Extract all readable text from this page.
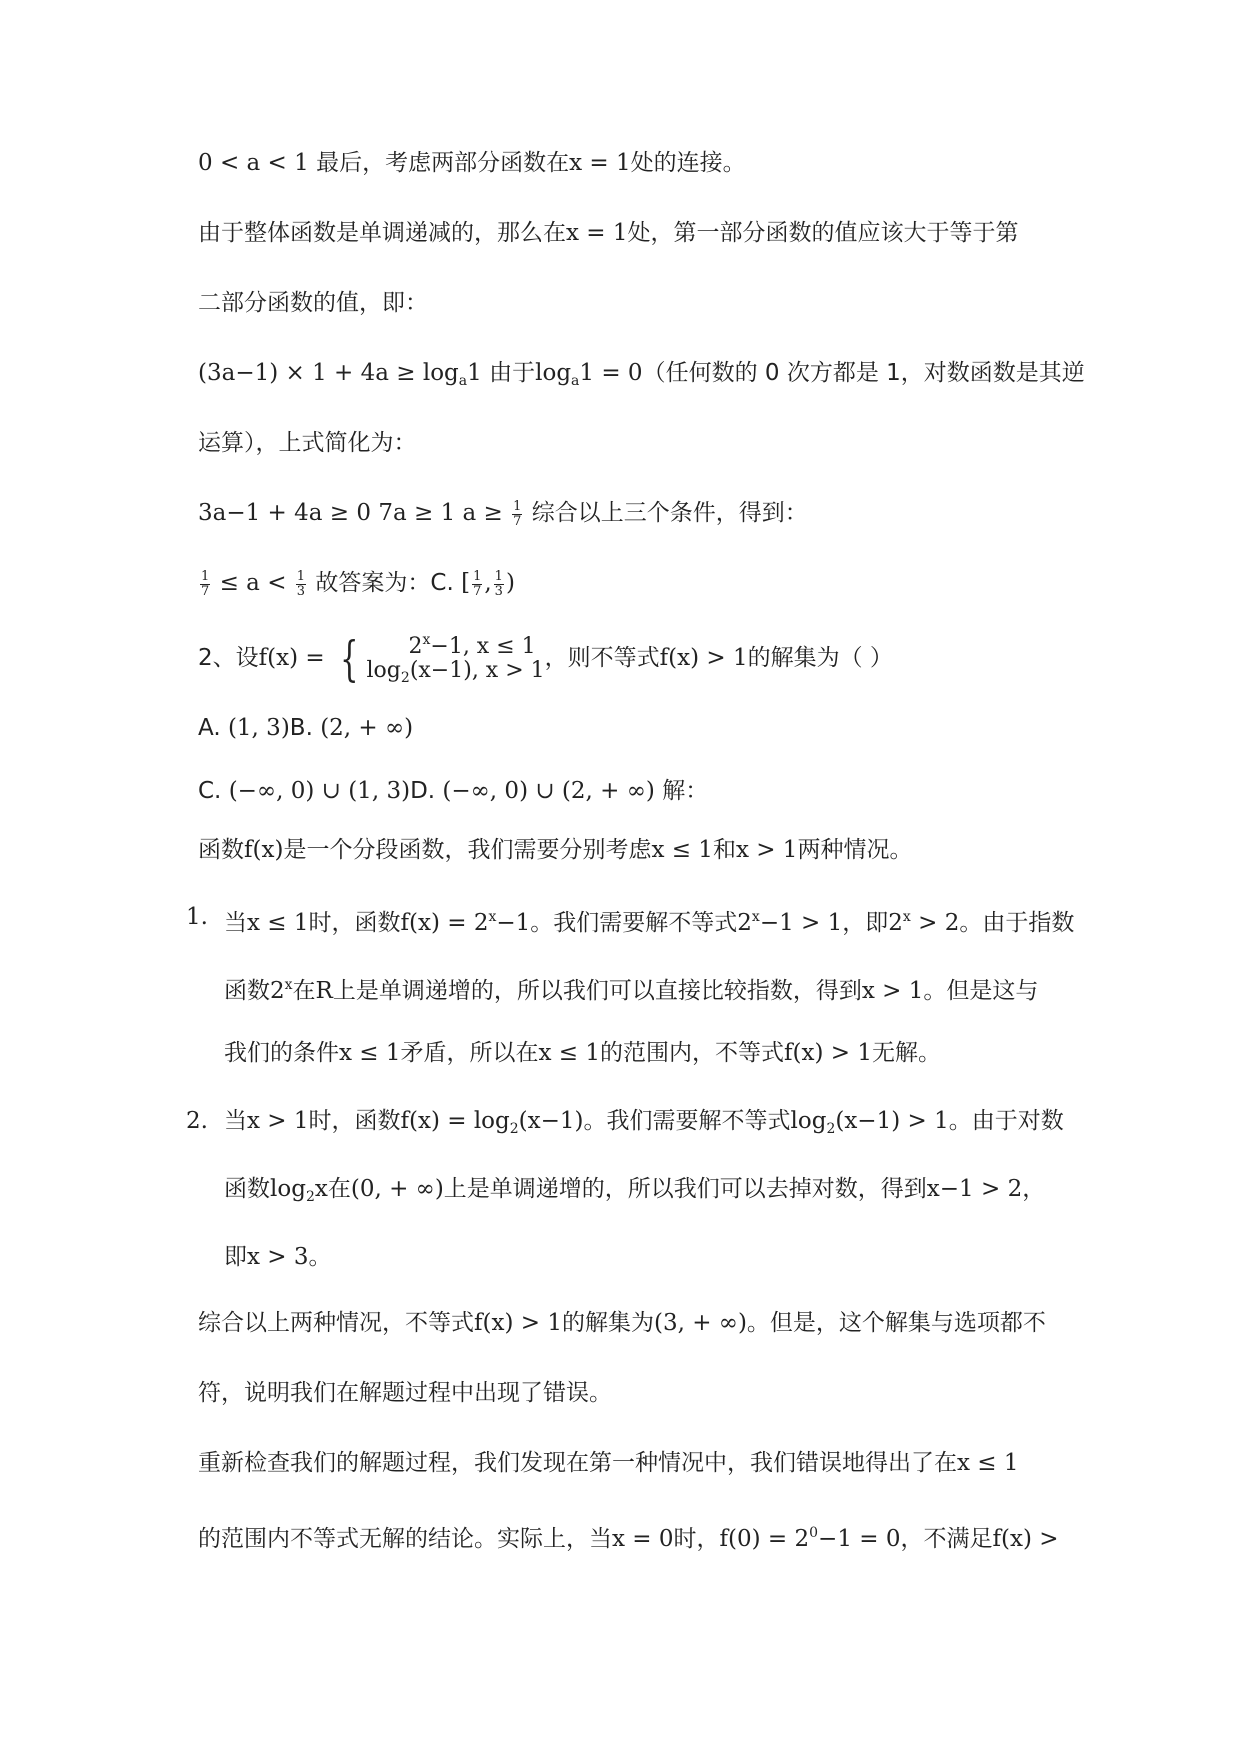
0 < a < 1 最后，考虑两部分函数在x = 1处的连接。
由于整体函数是单调递减的，那么在x = 1处，第一部分函数的值应该大于等于第
二部分函数的值，即：
$(3a-1) \times 1 + 4a \ge \log_a1$ 由于$\log_a1 = 0$（任何数的 0 次方都是 1，对数函数是其逆
运算），上式简化为：
3a−1 + 4a ≥ 0 7a ≥ 1 $a \ge \frac{1}{7}$ 综合以上三个条件，得到：
$\frac{1}{7} \le a < \frac{1}{3}$ 故答案为：C. [ $\frac{1}{7}$ , $\frac{1}{3}$ )
2、设f(x) = {	$2^x-1$, x ≤ 1
$\log_2(x-1)$, x > 1 ，则不等式f(x) > 1的解集为（ ）
A. (1, 3)B. (2, + ∞)
C. (−∞, 0) ∪ (1, 3)D. (−∞, 0) ∪ (2, + ∞) 解：
函数f(x)是一个分段函数，我们需要分别考虑x ≤ 1和x > 1两种情况。
1. 当x ≤ 1时，函数$f(x) = 2^x-1$。我们需要解不等式$2^x-1 > 1$，即$2^x > 2$。由于指数
函数2$^x$在R上是单调递增的，所以我们可以直接比较指数，得到x > 1。但是这与
我们的条件x ≤ 1矛盾，所以在x ≤ 1的范围内，不等式f(x) > 1无解。
2. 当x > 1时，函数$f(x) = \log_2(x-1)$。我们需要解不等式$\log_2(x-1) > 1$。由于对数
函数$\log_2x$在(0, + ∞)上是单调递增的，所以我们可以去掉对数，得到x−1 > 2，
即x > 3。
综合以上两种情况，不等式f(x) > 1的解集为(3, + ∞)。但是，这个解集与选项都不
符，说明我们在解题过程中出现了错误。
重新检查我们的解题过程，我们发现在第一种情况中，我们错误地得出了在x ≤ 1
的范围内不等式无解的结论。实际上，当x = 0时，$f(0) = 2^0-1 = 0$，不满足f(x) >
